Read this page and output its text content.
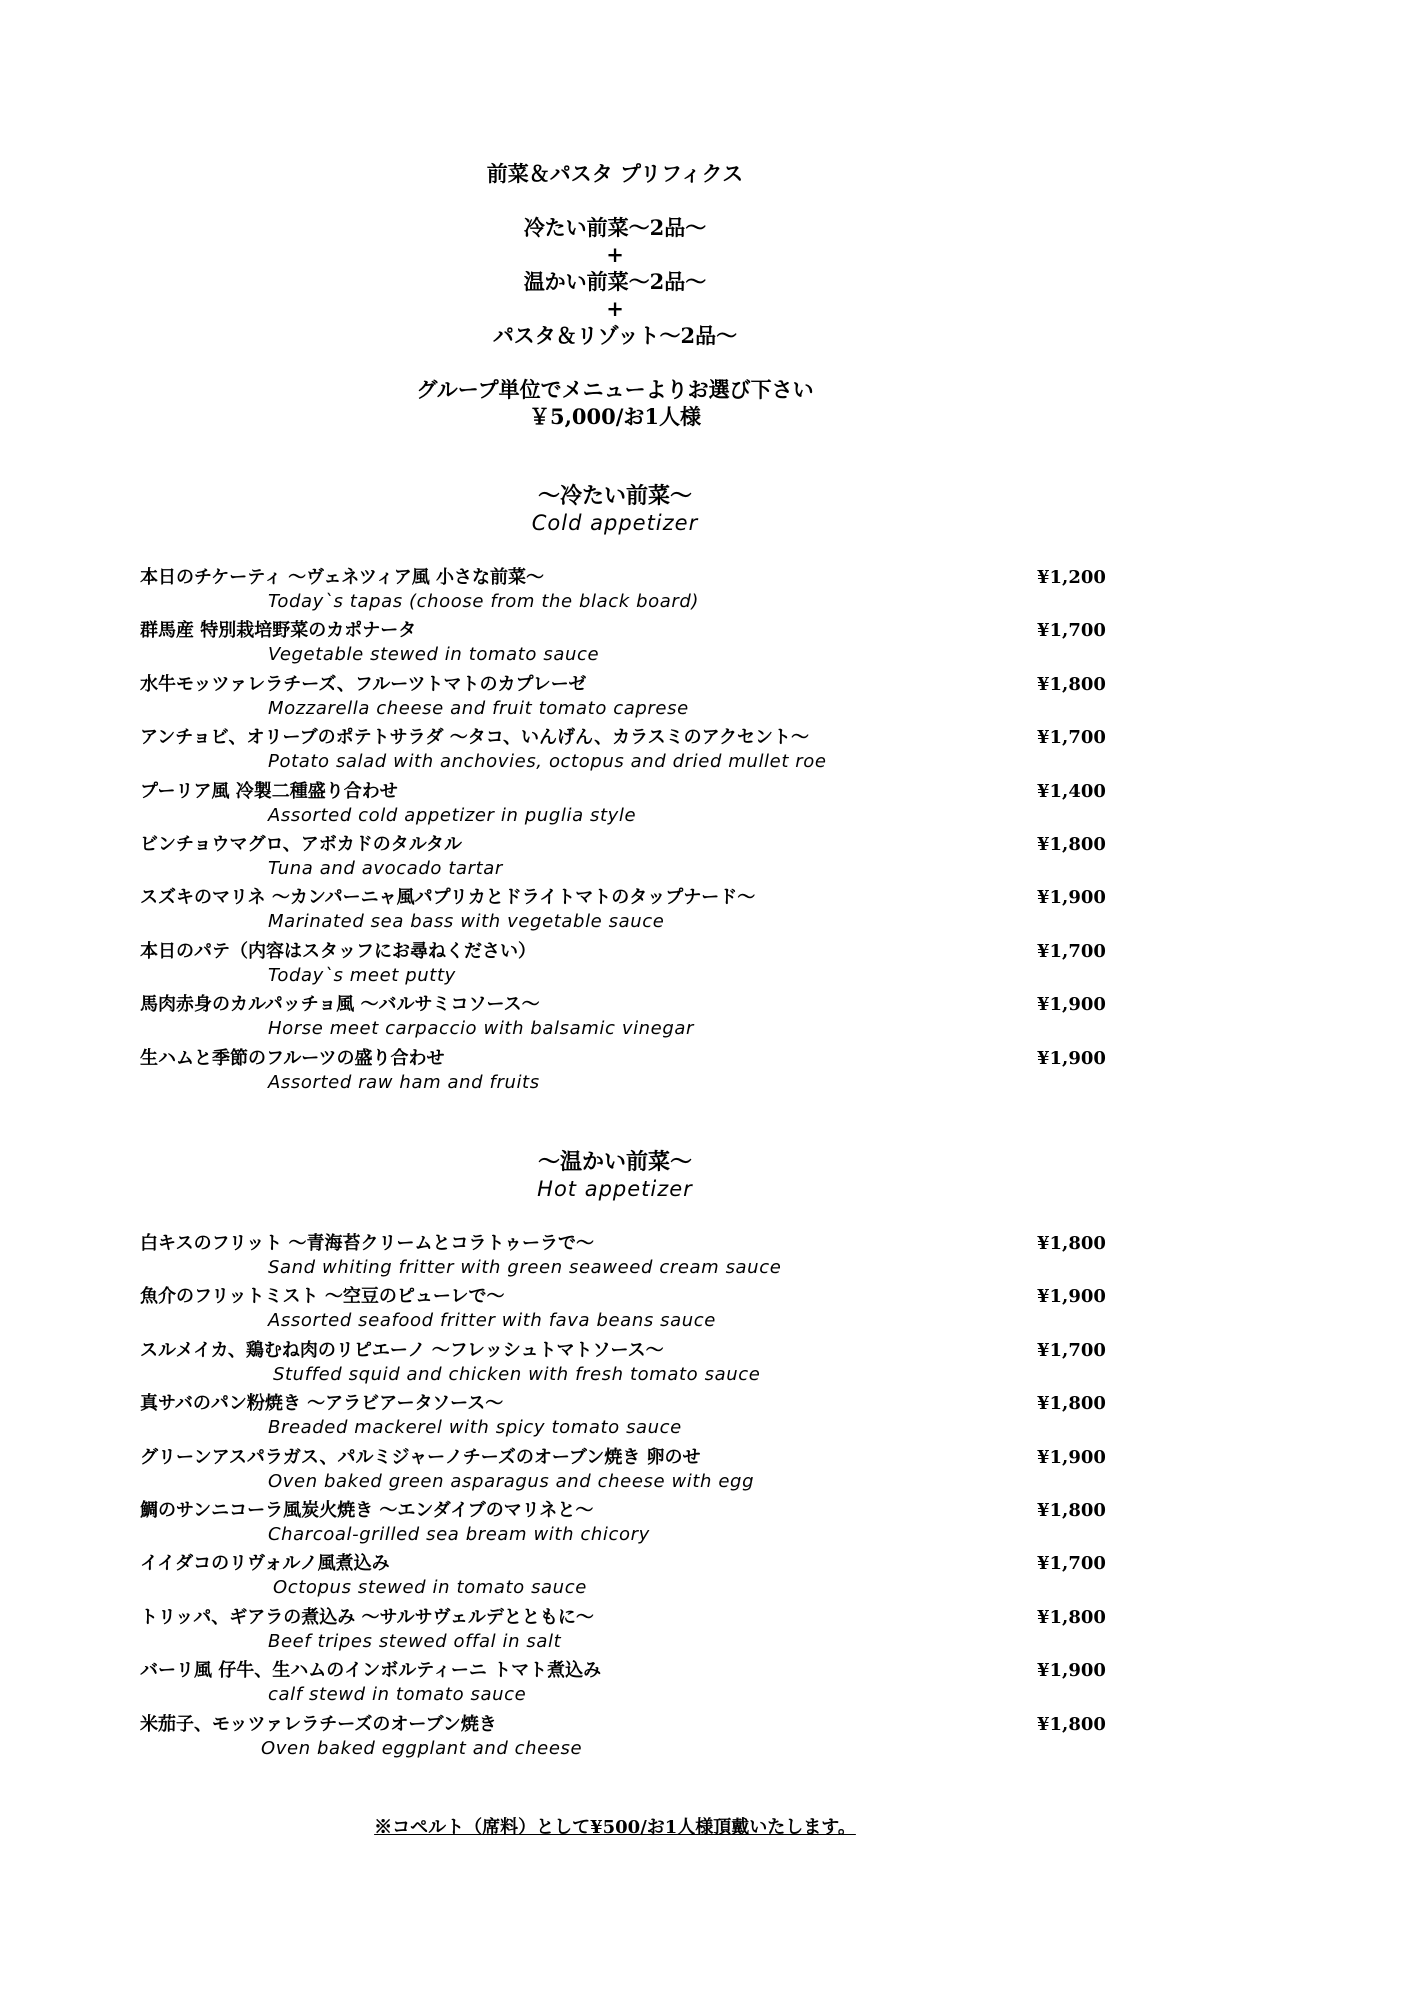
前菜＆パスタ プリフィクス
冷たい前菜～2品～
+
温かい前菜～2品～
+
パスタ＆リゾット～2品～
グループ単位でメニューよりお選び下さい
￥5,000/お1人様
～冷たい前菜～
Cold appetizer
本日のチケーティ ～ヴェネツィア風 小さな前菜～	¥1,200
Today`s tapas (choose from the black board)
群馬産 特別栽培野菜のカポナータ	¥1,700
Vegetable stewed in tomato sauce
水牛モッツァレラチーズ、フルーツトマトのカプレーゼ	¥1,800
Mozzarella cheese and fruit tomato caprese
アンチョビ、オリーブのポテトサラダ ～タコ、いんげん、カラスミのアクセント～	¥1,700
Potato salad with anchovies, octopus and dried mullet roe
プーリア風 冷製二種盛り合わせ	¥1,400
Assorted cold appetizer in puglia style
ビンチョウマグロ、アボカドのタルタル	¥1,800
Tuna and avocado tartar
スズキのマリネ ～カンパーニャ風パプリカとドライトマトのタップナード～	¥1,900
Marinated sea bass with vegetable sauce
本日のパテ（内容はスタッフにお尋ねください）	¥1,700
Today`s meet putty
馬肉赤身のカルパッチョ風 ～バルサミコソース～	¥1,900
Horse meet carpaccio with balsamic vinegar
生ハムと季節のフルーツの盛り合わせ	¥1,900
Assorted raw ham and fruits
～温かい前菜～
Hot appetizer
白キスのフリット ～青海苔クリームとコラトゥーラで～	¥1,800
Sand whiting fritter with green seaweed cream sauce
魚介のフリットミスト ～空豆のピューレで～	¥1,900
Assorted seafood fritter with fava beans sauce
スルメイカ、鶏むね肉のリピエーノ ～フレッシュトマトソース～	¥1,700
Stuffed squid and chicken with fresh tomato sauce
真サバのパン粉焼き ～アラビアータソース～	¥1,800
Breaded mackerel with spicy tomato sauce
グリーンアスパラガス、パルミジャーノチーズのオーブン焼き 卵のせ	¥1,900
Oven baked green asparagus and cheese with egg
鯛のサンニコーラ風炭火焼き ～エンダイブのマリネと～	¥1,800
Charcoal-grilled sea bream with chicory
イイダコのリヴォルノ風煮込み	¥1,700
Octopus stewed in tomato sauce
トリッパ、ギアラの煮込み ～サルサヴェルデとともに～	¥1,800
Beef tripes stewed offal in salt
バーリ風 仔牛、生ハムのインボルティーニ トマト煮込み	¥1,900
calf stewd in tomato sauce
米茄子、モッツァレラチーズのオーブン焼き	¥1,800
Oven baked eggplant and cheese
※コペルト（席料）として¥500/お1人様頂戴いたします。
